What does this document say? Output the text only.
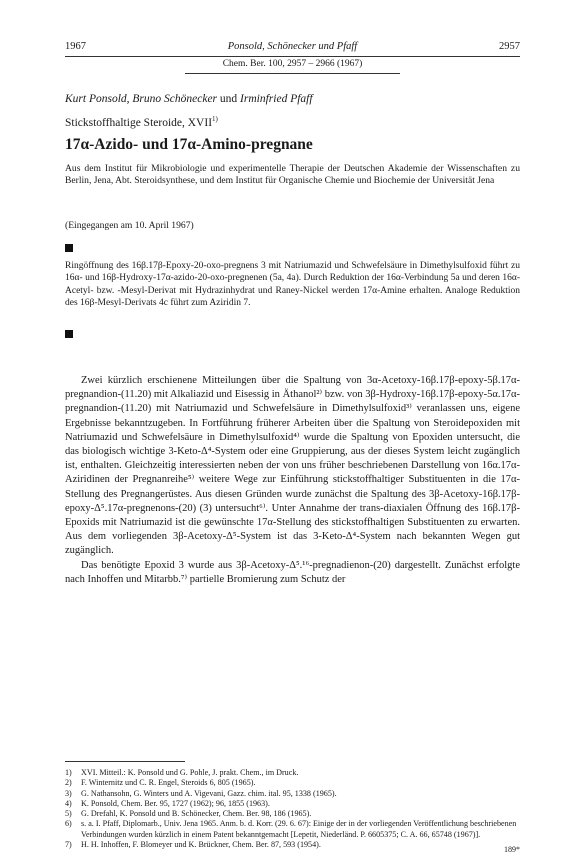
1967	Ponsold, Schönecker und Pfaff	2957
Chem. Ber. 100, 2957 – 2966 (1967)
Kurt Ponsold, Bruno Schönecker und Irminfried Pfaff
Stickstoffhaltige Steroide, XVII$^{1)}$
17α-Azido- und 17α-Amino-pregnane
Aus dem Institut für Mikrobiologie und experimentelle Therapie der Deutschen Akademie der Wissenschaften zu Berlin, Jena, Abt. Steroidsynthese, und dem Institut für Organische Chemie und Biochemie der Universität Jena
(Eingegangen am 10. April 1967)
Ringöffnung des 16β.17β-Epoxy-20-oxo-pregnens 3 mit Natriumazid und Schwefelsäure in Dimethylsulfoxid führt zu 16α- und 16β-Hydroxy-17α-azido-20-oxo-pregnenen (5a, 4a). Durch Reduktion der 16α-Verbindung 5a und deren 16α-Acetyl- bzw. -Mesyl-Derivat mit Hydrazinhydrat und Raney-Nickel werden 17α-Amine erhalten. Analoge Reduktion des 16β-Mesyl-Derivats 4c führt zum Aziridin 7.

Zwei kürzlich erschienene Mitteilungen über die Spaltung von 3α-Acetoxy-16β.17β-epoxy-5β.17α-pregnandion-(11.20) mit Alkaliazid und Eisessig in Äthanol²⁾ bzw. von 3β-Hydroxy-16β.17β-epoxy-5α.17α-pregnandion-(11.20) mit Natriumazid und Schwefelsäure in Dimethylsulfoxid³⁾ veranlassen uns, eigene Ergebnisse bekanntzugeben. In Fortführung früherer Arbeiten über die Spaltung von Steroidepoxiden mit Natriumazid und Schwefelsäure in Dimethylsulfoxid⁴⁾ wurde die Spaltung von Epoxiden untersucht, die das biologisch wichtige 3-Keto-Δ⁴-System oder eine Gruppierung, aus der dieses System leicht zugänglich ist, enthalten. Gleichzeitig interessierten neben der von uns früher beschriebenen Darstellung von 16α.17α-Aziridinen der Pregnanreihe⁵⁾ weitere Wege zur Einführung stickstoffhaltiger Substituenten in die 17α-Stellung des Pregnangerüstes. Aus diesen Gründen wurde zunächst die Spaltung des 3β-Acetoxy-16β.17β-epoxy-Δ⁵.17α-pregnenons-(20) (3) untersucht⁶⁾. Unter Annahme der trans-diaxialen Öffnung des 16β.17β-Epoxids mit Natriumazid ist die gewünschte 17α-Stellung des stickstoffhaltigen Substituenten zu erwarten. Aus dem vorliegenden 3β-Acetoxy-Δ⁵-System ist das 3-Keto-Δ⁴-System nach bekannten Wegen gut zugänglich.

Das benötigte Epoxid 3 wurde aus 3β-Acetoxy-Δ⁵.¹⁶-pregnadienon-(20) dargestellt. Zunächst erfolgte nach Inhoffen und Mitarbb.⁷⁾ partielle Bromierung zum Schutz der

1) XVI. Mitteil.: K. Ponsold und G. Pohle, J. prakt. Chem., im Druck.
2) F. Winternitz und C. R. Engel, Steroids 6, 805 (1965).
3) G. Nathansohn, G. Winters und A. Vigevani, Gazz. chim. ital. 95, 1338 (1965).
4) K. Ponsold, Chem. Ber. 95, 1727 (1962); 96, 1855 (1963).
5) G. Drefahl, K. Ponsold und B. Schönecker, Chem. Ber. 98, 186 (1965).
6) s. a. I. Pfaff, Diplomarb., Univ. Jena 1965. Anm. b. d. Korr. (29. 6. 67): Einige der in der vorliegenden Veröffentlichung beschriebenen Verbindungen wurden kürzlich in einem Patent bekanntgemacht [Lepetit, Niederländ. P. 6605375; C. A. 66, 65748 (1967)].
7) H. H. Inhoffen, F. Blomeyer und K. Brückner, Chem. Ber. 87, 593 (1954).
189*
